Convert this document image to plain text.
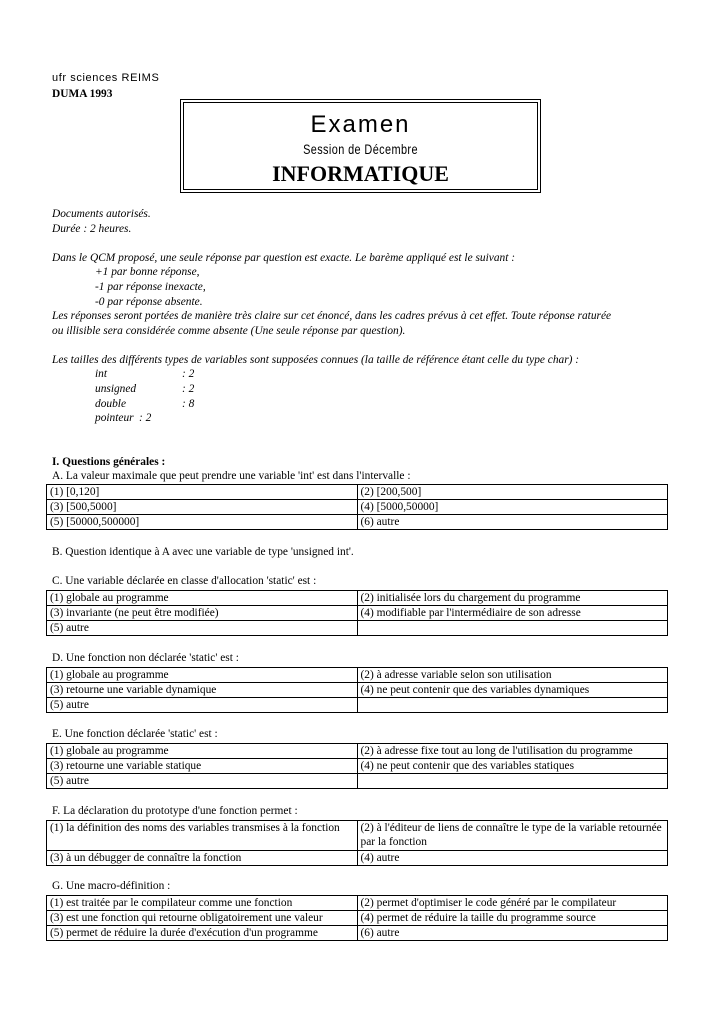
ufr sciences REIMS
DUMA 1993
Examen
Session de Décembre
INFORMATIQUE
Documents autorisés.
Durée : 2 heures.
Dans le QCM proposé, une seule réponse par question est exacte. Le barème appliqué est le suivant :
+1 par bonne réponse,
-1 par réponse inexacte,
-0 par réponse absente.
Les réponses seront portées de manière très claire sur cet énoncé, dans les cadres prévus à cet effet. Toute réponse raturée
ou illisible sera considérée comme absente (Une seule réponse par question).
Les tailles des différents types de variables sont supposées connues (la taille de référence étant celle du type char) :
int	: 2
unsigned	: 2
double	: 8
pointeur : 2
I. Questions générales :
A. La valeur maximale que peut prendre une variable 'int' est dans l'intervalle :
(1) [0,120]	(2) [200,500]
(3) [500,5000]	(4) [5000,50000]
(5) [50000,500000]	(6) autre
B. Question identique à A avec une variable de type 'unsigned int'.
C. Une variable déclarée en classe d'allocation 'static' est :
(1) globale au programme	(2) initialisée lors du chargement du programme
(3) invariante (ne peut être modifiée)	(4) modifiable par l'intermédiaire de son adresse
(5) autre	
D. Une fonction non déclarée 'static' est :
(1) globale au programme	(2) à adresse variable selon son utilisation
(3) retourne une variable dynamique	(4) ne peut contenir que des variables dynamiques
(5) autre	
E. Une fonction déclarée 'static' est :
(1) globale au programme	(2) à adresse fixe tout au long de l'utilisation du programme
(3) retourne une variable statique	(4) ne peut contenir que des variables statiques
(5) autre	
F. La déclaration du prototype d'une fonction permet :
(1) la définition des noms des variables transmises à la fonction	(2) à l'éditeur de liens de connaître le type de la variable retournée par la fonction
(3) à un débugger de connaître la fonction	(4) autre
G. Une macro-définition :
(1) est traitée par le compilateur comme une fonction	(2) permet d'optimiser le code généré par le compilateur
(3) est une fonction qui retourne obligatoirement une valeur	(4) permet de réduire la taille du programme source
(5) permet de réduire la durée d'exécution d'un programme	(6) autre
